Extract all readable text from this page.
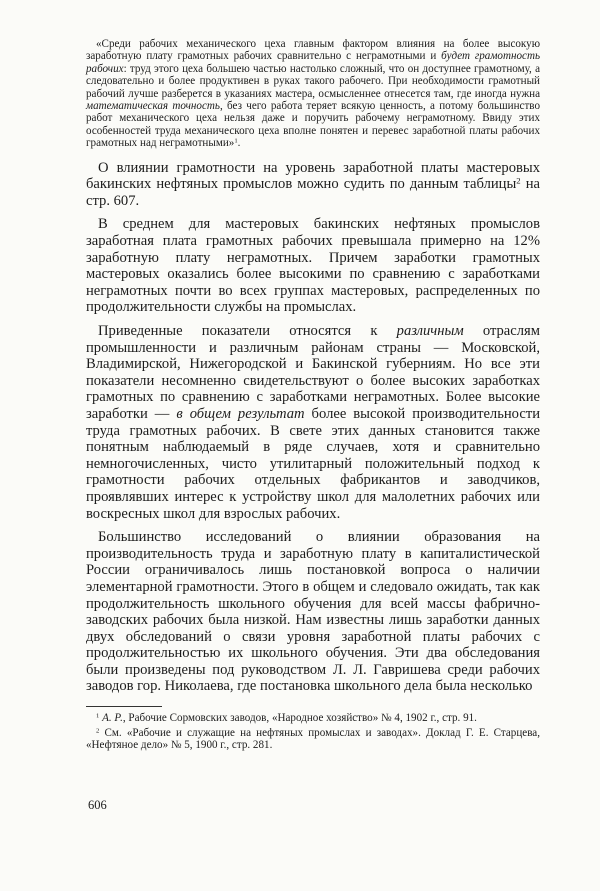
«Среди рабочих механического цеха главным фактором влияния на более высокую заработную плату грамотных рабочих сравнительно с неграмотными и будет грамотность рабочих: труд этого цеха большею частью настолько сложный, что он доступнее грамотному, а следовательно и более продуктивен в руках такого рабочего. При необходимости грамотный рабочий лучше разберется в указаниях мастера, осмысленнее отнесется там, где иногда нужна математическая точность, без чего работа теряет всякую ценность, а потому большинство работ механического цеха нельзя даже и поручить рабочему неграмотному. Ввиду этих особенностей труда механического цеха вполне понятен и перевес заработной платы рабочих грамотных над неграмотными»$^1$.

О влиянии грамотности на уровень заработной платы мастеровых бакинских нефтяных промыслов можно судить по данным таблицы$^2$ на стр. 607.

В среднем для мастеровых бакинских нефтяных промыслов заработная плата грамотных рабочих превышала примерно на 12% заработную плату неграмотных. Причем заработки грамотных мастеровых оказались более высокими по сравнению с заработками неграмотных почти во всех группах мастеровых, распределенных по продолжительности службы на промыслах.

Приведенные показатели относятся к различным отраслям промышленности и различным районам страны — Московской, Владимирской, Нижегородской и Бакинской губерниям. Но все эти показатели несомненно свидетельствуют о более высоких заработках грамотных по сравнению с заработками неграмотных. Более высокие заработки — в общем результат более высокой производительности труда грамотных рабочих. В свете этих данных становится также понятным наблюдаемый в ряде случаев, хотя и сравнительно немногочисленных, чисто утилитарный положительный подход к грамотности рабочих отдельных фабрикантов и заводчиков, проявлявших интерес к устройству школ для малолетних рабочих или воскресных школ для взрослых рабочих.

Большинство исследований о влиянии образования на производительность труда и заработную плату в капиталистической России ограничивалось лишь постановкой вопроса о наличии элементарной грамотности. Этого в общем и следовало ожидать, так как продолжительность школьного обучения для всей массы фабрично-заводских рабочих была низкой. Нам известны лишь заработки данных двух обследований о связи уровня заработной платы рабочих с продолжительностью их школьного обучения. Эти два обследования были произведены под руководством Л. Л. Гавришева среди рабочих заводов гор. Николаева, где постановка школьного дела была несколько

$^1$ А. Р., Рабочие Сормовских заводов, «Народное хозяйство» № 4, 1902 г., стр. 91.

$^2$ См. «Рабочие и служащие на нефтяных промыслах и заводах». Доклад Г. Е. Старцева, «Нефтяное дело» № 5, 1900 г., стр. 281.

606
